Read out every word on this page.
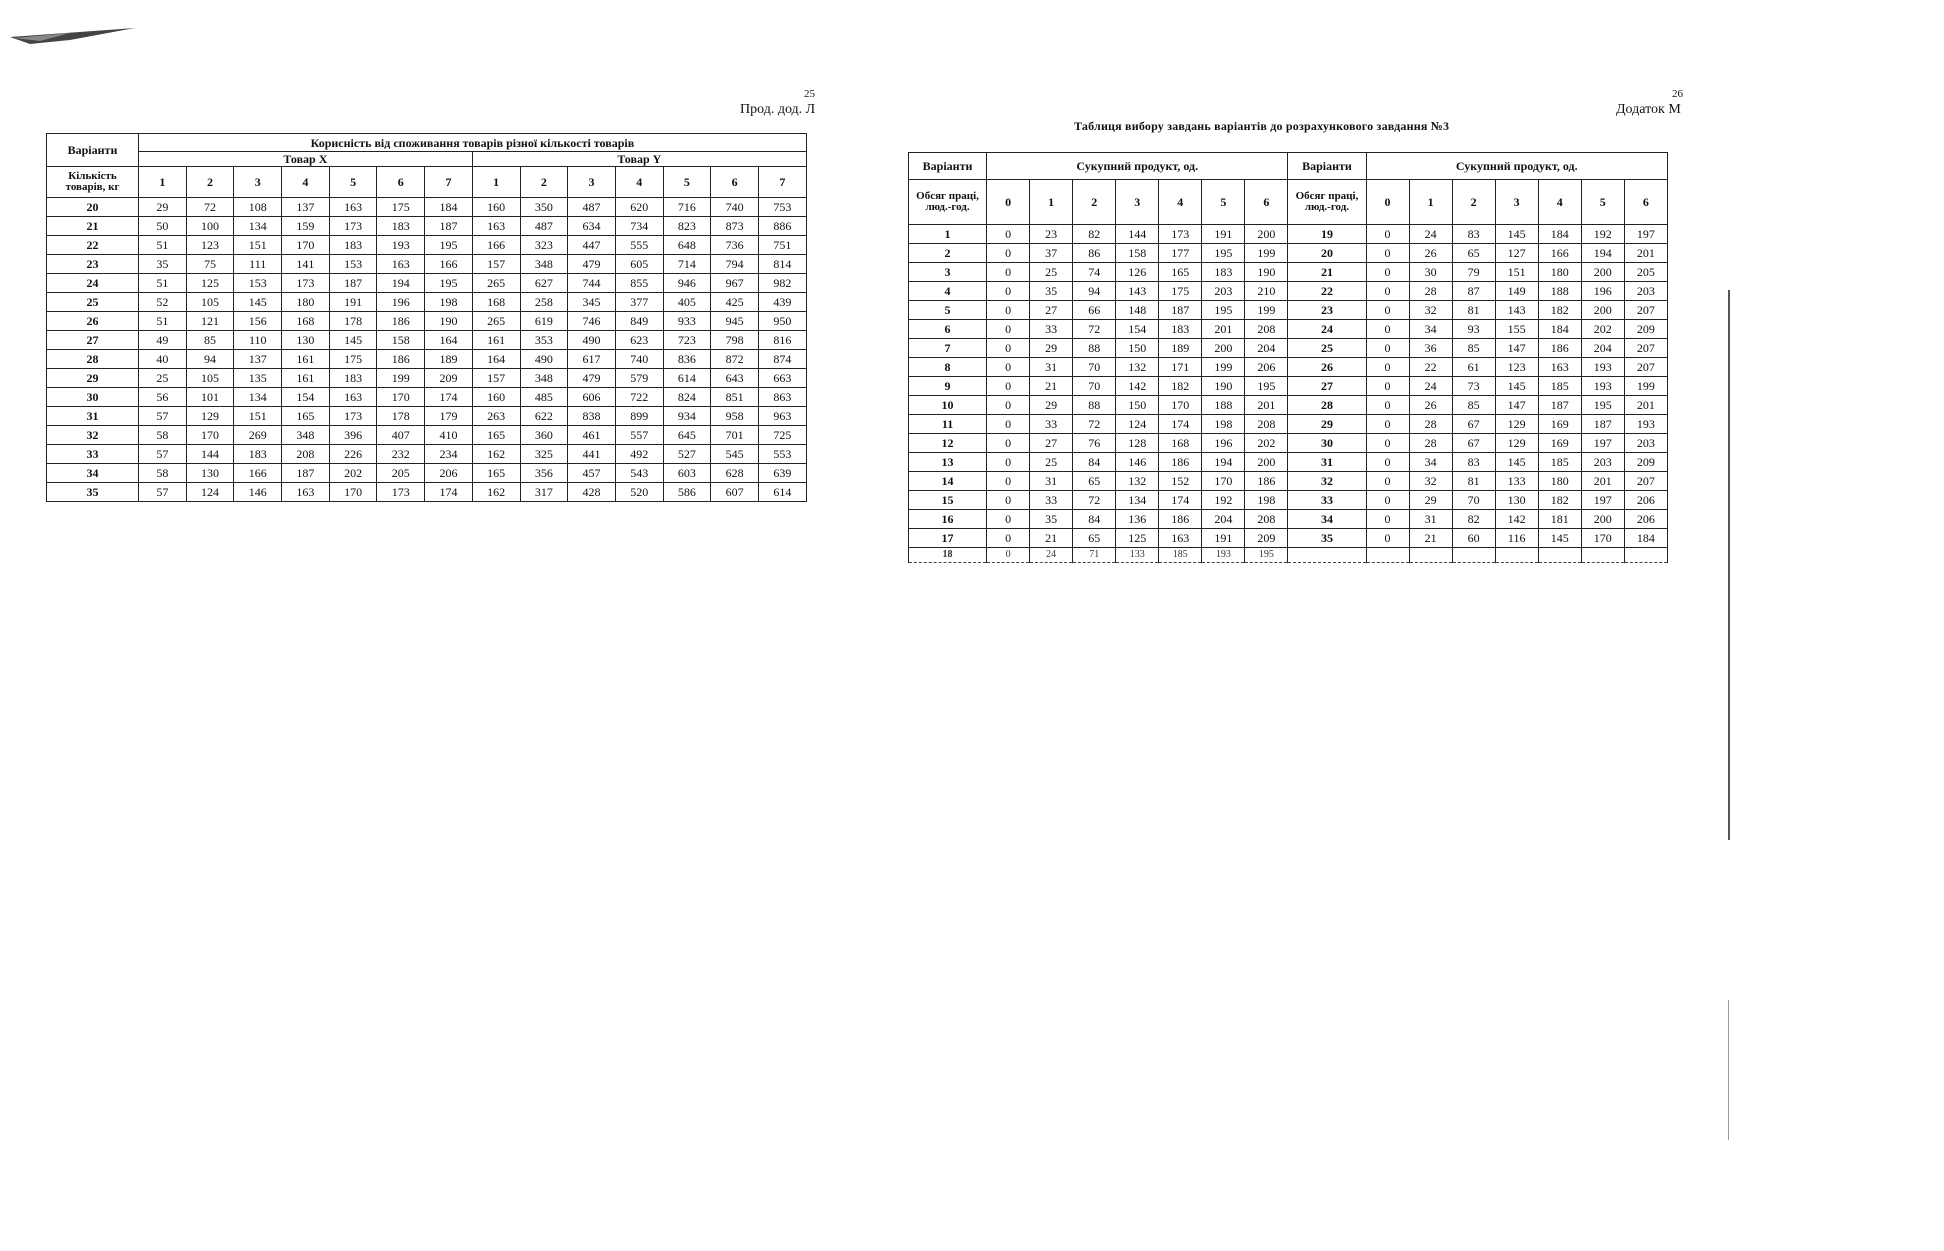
25
Прод. дод. Л
Варіанти	Корисність від споживання товарів різної кількості товарів													
	Товар X							Товар Y						
Кількість товарів, кг	1	2	3	4	5	6	7	1	2	3	4	5	6	7
20	29	72	108	137	163	175	184	160	350	487	620	716	740	753
21	50	100	134	159	173	183	187	163	487	634	734	823	873	886
22	51	123	151	170	183	193	195	166	323	447	555	648	736	751
23	35	75	111	141	153	163	166	157	348	479	605	714	794	814
24	51	125	153	173	187	194	195	265	627	744	855	946	967	982
25	52	105	145	180	191	196	198	168	258	345	377	405	425	439
26	51	121	156	168	178	186	190	265	619	746	849	933	945	950
27	49	85	110	130	145	158	164	161	353	490	623	723	798	816
28	40	94	137	161	175	186	189	164	490	617	740	836	872	874
29	25	105	135	161	183	199	209	157	348	479	579	614	643	663
30	56	101	134	154	163	170	174	160	485	606	722	824	851	863
31	57	129	151	165	173	178	179	263	622	838	899	934	958	963
32	58	170	269	348	396	407	410	165	360	461	557	645	701	725
33	57	144	183	208	226	232	234	162	325	441	492	527	545	553
34	58	130	166	187	202	205	206	165	356	457	543	603	628	639
35	57	124	146	163	170	173	174	162	317	428	520	586	607	614
26
Додаток М
Таблиця вибору завдань варіантів до розрахункового завдання №3
Варіанти	Сукупний продукт, од.							Варіанти	Сукупний продукт, од.						
Обсяг праці, люд.-год.	0	1	2	3	4	5	6	Обсяг праці, люд.-год.	0	1	2	3	4	5	6
1	0	23	82	144	173	191	200	19	0	24	83	145	184	192	197
2	0	37	86	158	177	195	199	20	0	26	65	127	166	194	201
3	0	25	74	126	165	183	190	21	0	30	79	151	180	200	205
4	0	35	94	143	175	203	210	22	0	28	87	149	188	196	203
5	0	27	66	148	187	195	199	23	0	32	81	143	182	200	207
6	0	33	72	154	183	201	208	24	0	34	93	155	184	202	209
7	0	29	88	150	189	200	204	25	0	36	85	147	186	204	207
8	0	31	70	132	171	199	206	26	0	22	61	123	163	193	207
9	0	21	70	142	182	190	195	27	0	24	73	145	185	193	199
10	0	29	88	150	170	188	201	28	0	26	85	147	187	195	201
11	0	33	72	124	174	198	208	29	0	28	67	129	169	187	193
12	0	27	76	128	168	196	202	30	0	28	67	129	169	197	203
13	0	25	84	146	186	194	200	31	0	34	83	145	185	203	209
14	0	31	65	132	152	170	186	32	0	32	81	133	180	201	207
15	0	33	72	134	174	192	198	33	0	29	70	130	182	197	206
16	0	35	84	136	186	204	208	34	0	31	82	142	181	200	206
17	0	21	65	125	163	191	209	35	0	21	60	116	145	170	184
18	0	24	71	133	185	193	195								
